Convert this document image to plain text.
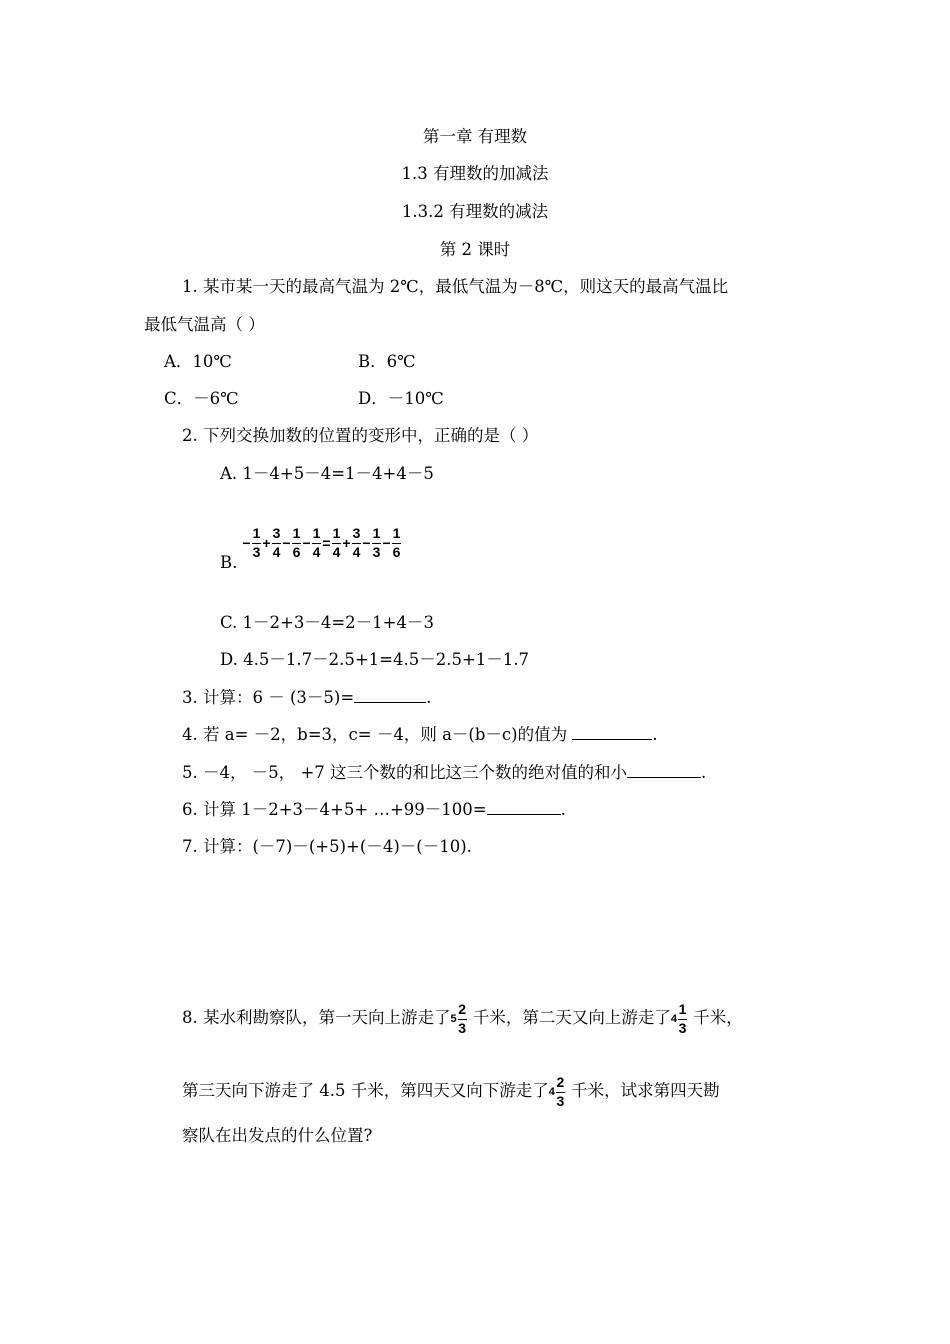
第一章 有理数
1.3 有理数的加减法
1.3.2 有理数的减法
第 2 课时
1. 某市某一天的最高气温为 2℃，最低气温为－8℃，则这天的最高气温比
最低气温高（ ）
A．10℃	B．6℃
C．－6℃	D．－10℃
2. 下列交换加数的位置的变形中，正确的是（ ）
A. 1－4+5－4=1－4+4－5
B.
− $\frac{1}{3} + \frac{3}{4} - \frac{1}{6} - \frac{1}{4} = \frac{1}{4} + \frac{3}{4} - \frac{1}{3} - \frac{1}{6}$
C. 1－2+3－4=2－1+4－3
D. 4.5－1.7－2.5+1=4.5－2.5+1－1.7
3. 计算：6 － (3－5)=	.
4. 若 a= －2，b=3，c= －4，则 a－(b－c)的值为	.
5. －4， －5， +7 这三个数的和比这三个数的绝对值的和小	.
6. 计算 1－2+3－4+5+ …+99－100=	.
7. 计算：(－7)－(+5)+(－4)－(－10).
8. 某水利勘察队，第一天向上游走了$5 \frac{2}{3}$ 千米，第二天又向上游走了$4 \frac{1}{3}$ 千米，
第三天向下游走了 4.5 千米，第四天又向下游走了$4 \frac{2}{3}$ 千米，试求第四天勘
察队在出发点的什么位置?
